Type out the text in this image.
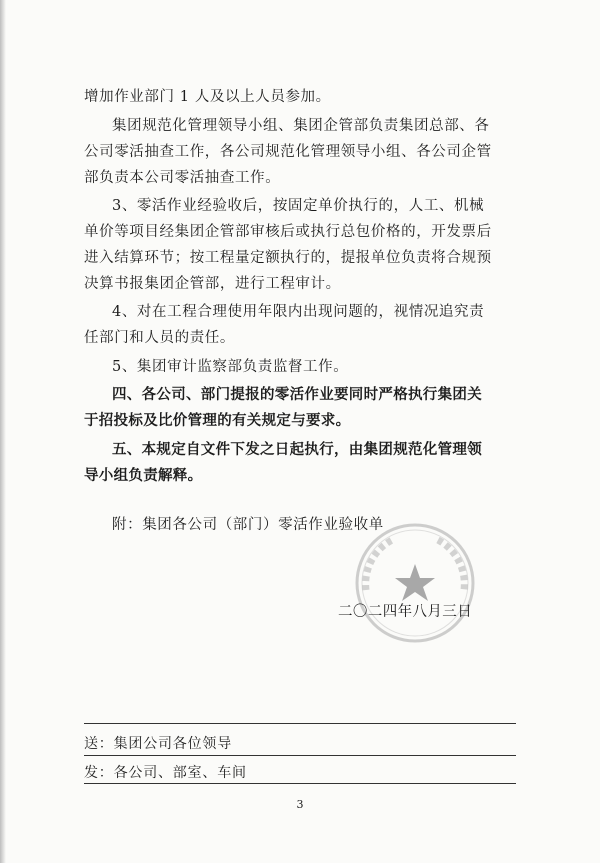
增加作业部门 1 人及以上人员参加。
集团规范化管理领导小组、集团企管部负责集团总部、各
公司零活抽查工作，各公司规范化管理领导小组、各公司企管
部负责本公司零活抽查工作。
3、零活作业经验收后，按固定单价执行的，人工、机械
单价等项目经集团企管部审核后或执行总包价格的，开发票后
进入结算环节；按工程量定额执行的，提报单位负责将合规预
决算书报集团企管部，进行工程审计。
4、对在工程合理使用年限内出现问题的，视情况追究责
任部门和人员的责任。
5、集团审计监察部负责监督工作。
四、各公司、部门提报的零活作业要同时严格执行集团关
于招投标及比价管理的有关规定与要求。
五、本规定自文件下发之日起执行，由集团规范化管理领
导小组负责解释。
附：集团各公司（部门）零活作业验收单
二〇二四年八月三日
送：集团公司各位领导
发：各公司、部室、车间
3
